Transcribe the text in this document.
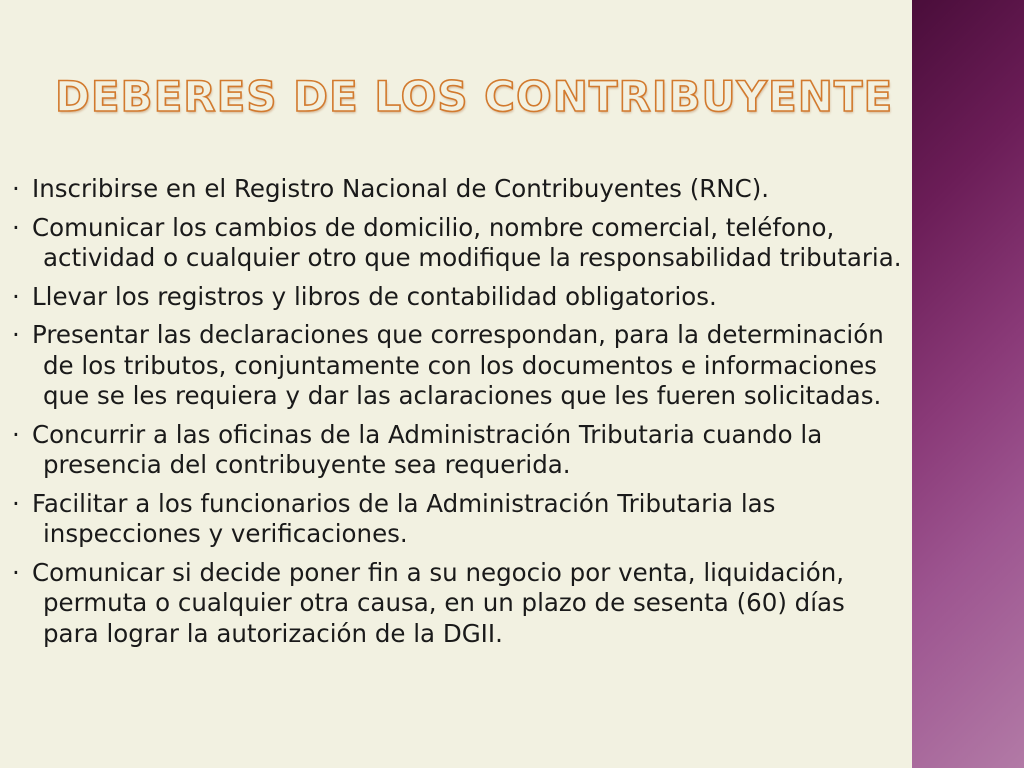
DEBERES DE LOS CONTRIBUYENTE
· Inscribirse en el Registro Nacional de Contribuyentes (RNC).
· Comunicar los cambios de domicilio, nombre comercial, teléfono, actividad o cualquier otro que modifique la responsabilidad tributaria.
· Llevar los registros y libros de contabilidad obligatorios.
· Presentar las declaraciones que correspondan, para la determinación de los tributos, conjuntamente con los documentos e informaciones que se les requiera y dar las aclaraciones que les fueren solicitadas.
· Concurrir a las oficinas de la Administración Tributaria cuando la presencia del contribuyente sea requerida.
· Facilitar a los funcionarios de la Administración Tributaria las inspecciones y verificaciones.
· Comunicar si decide poner fin a su negocio por venta, liquidación, permuta o cualquier otra causa, en un plazo de sesenta (60) días para lograr la autorización de la DGII.
